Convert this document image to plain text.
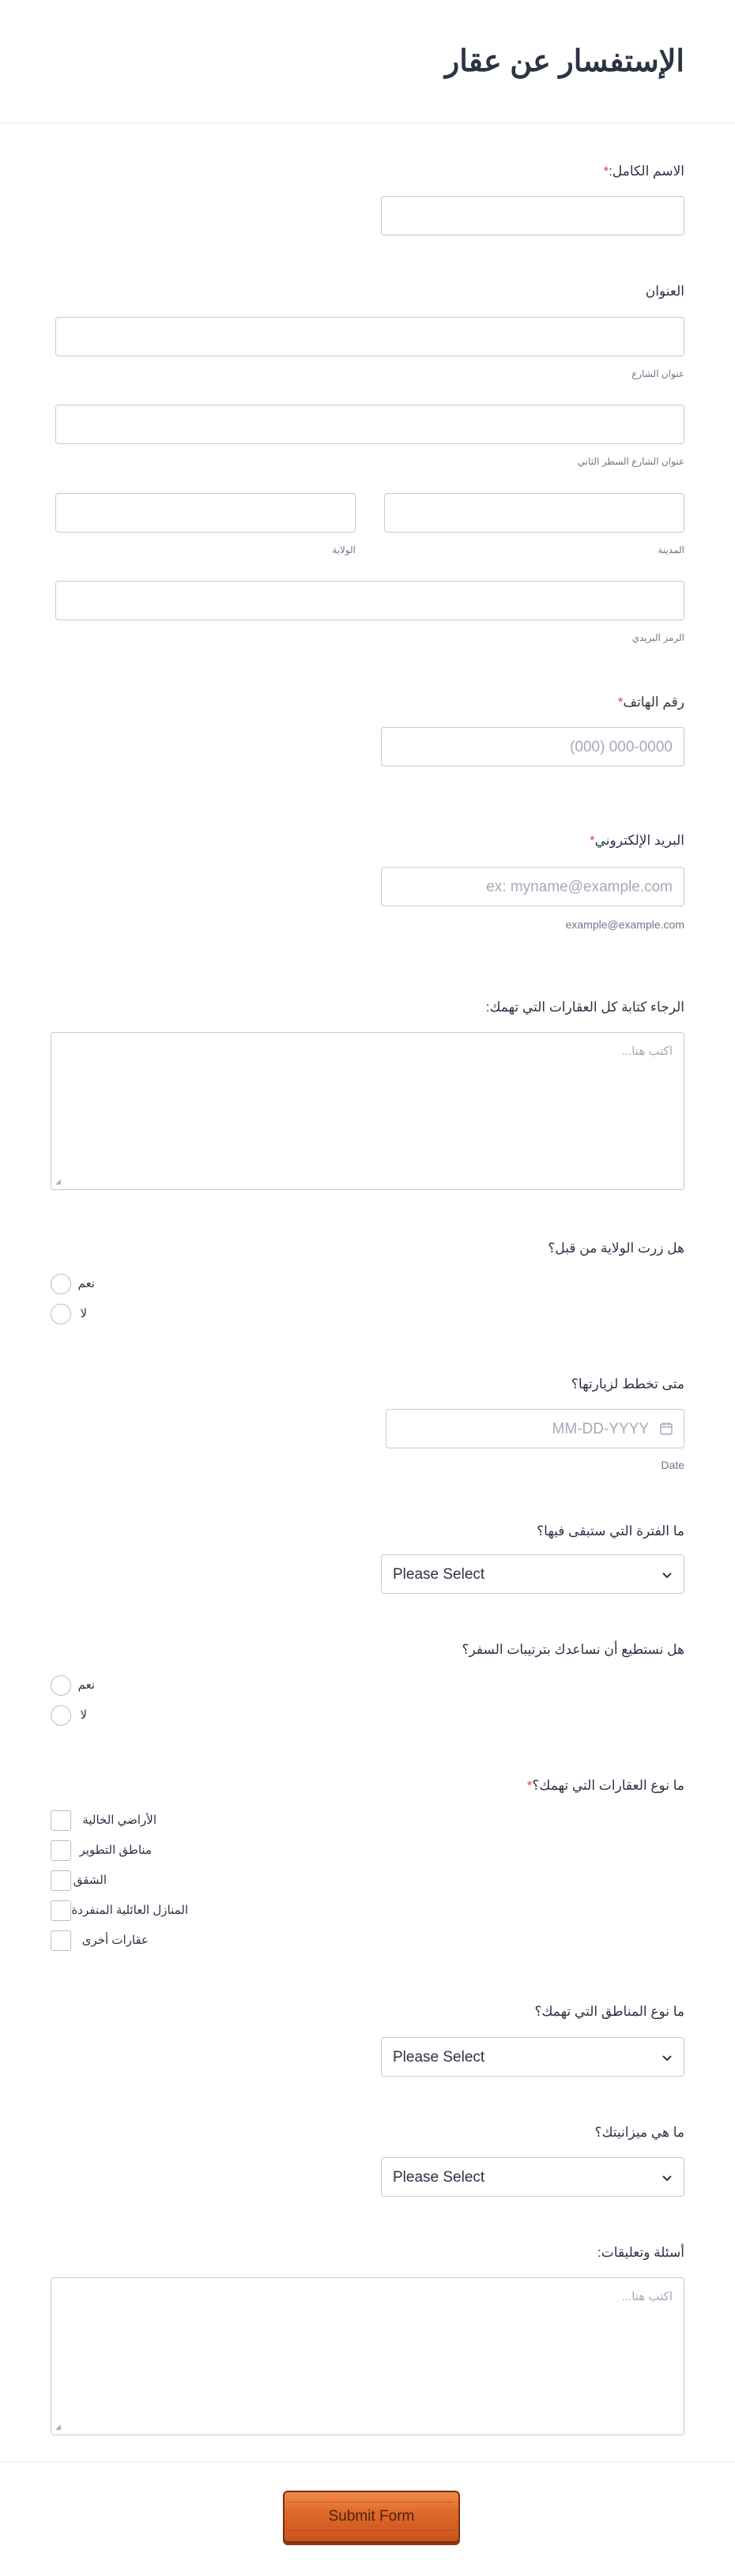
الإستفسار عن عقار
الاسم الكامل:*
العنوان
عنوان الشارع
عنوان الشارع السطر الثاني
المدينة
الولاية
الرمز البريدي
رقم الهاتف*
(000) 000-0000
البريد الإلكتروني*
ex: myname@example.com
example@example.com
الرجاء كتابة كل العقارات التي تهمك:
اكتب هنا...
◢
هل زرت الولاية من قبل؟
نعم
لا
متى تخطط لزيارتها؟
MM-DD-YYYY
Date
ما الفترة التي ستبقى فيها؟
Please Select
هل نستطيع أن نساعدك بترتيبات السفر؟
نعم
لا
ما نوع العقارات التي تهمك؟*
الأراضي الخالية
مناطق التطوير
الشقق
المنازل العائلية المنفردة
عقارات أخرى
ما نوع المناطق التي تهمك؟
Please Select
ما هي ميزانيتك؟
Please Select
أسئلة وتعليقات:
اكتب هنا...
◢
Submit Form
